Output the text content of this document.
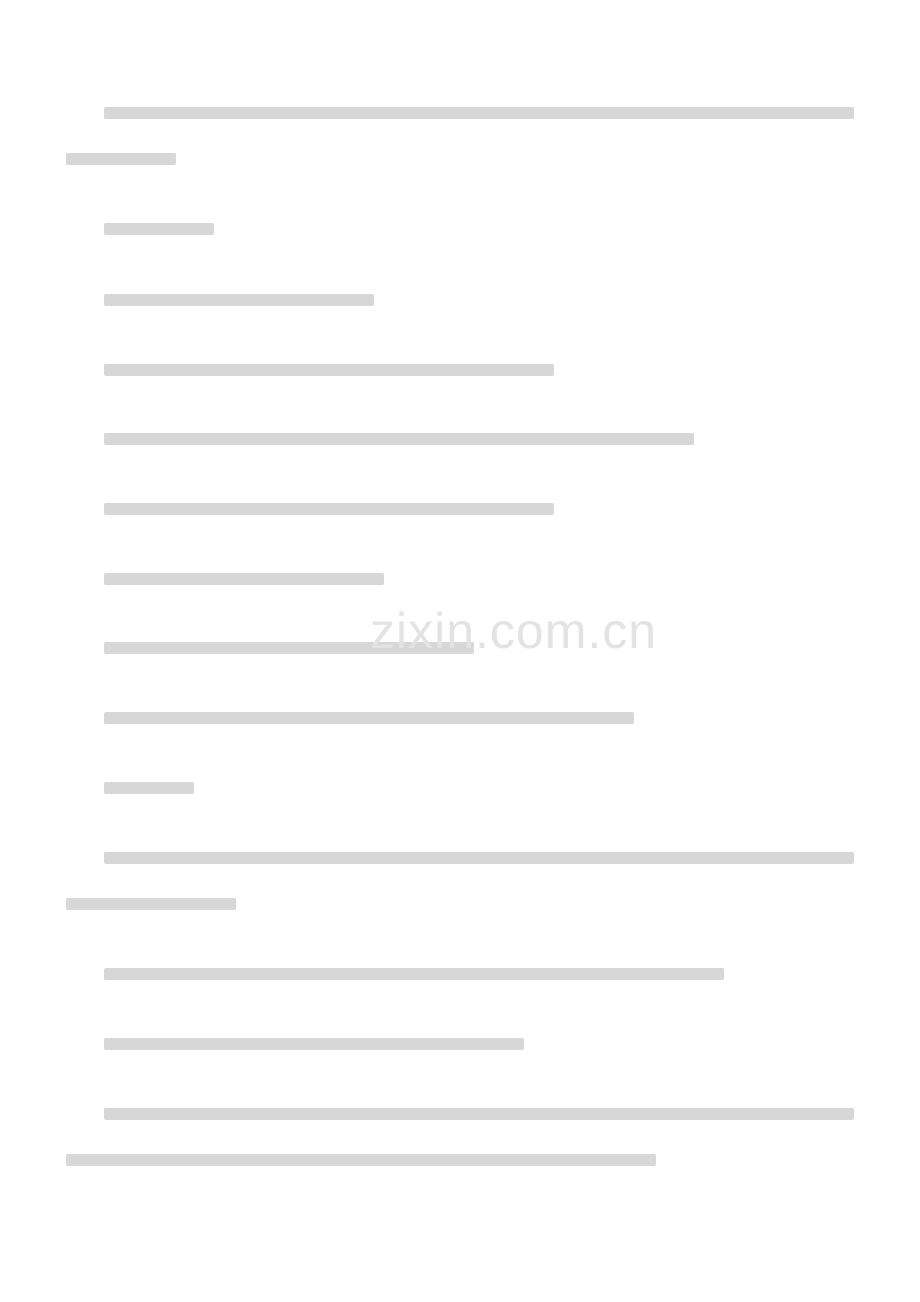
zixin.com.cn
